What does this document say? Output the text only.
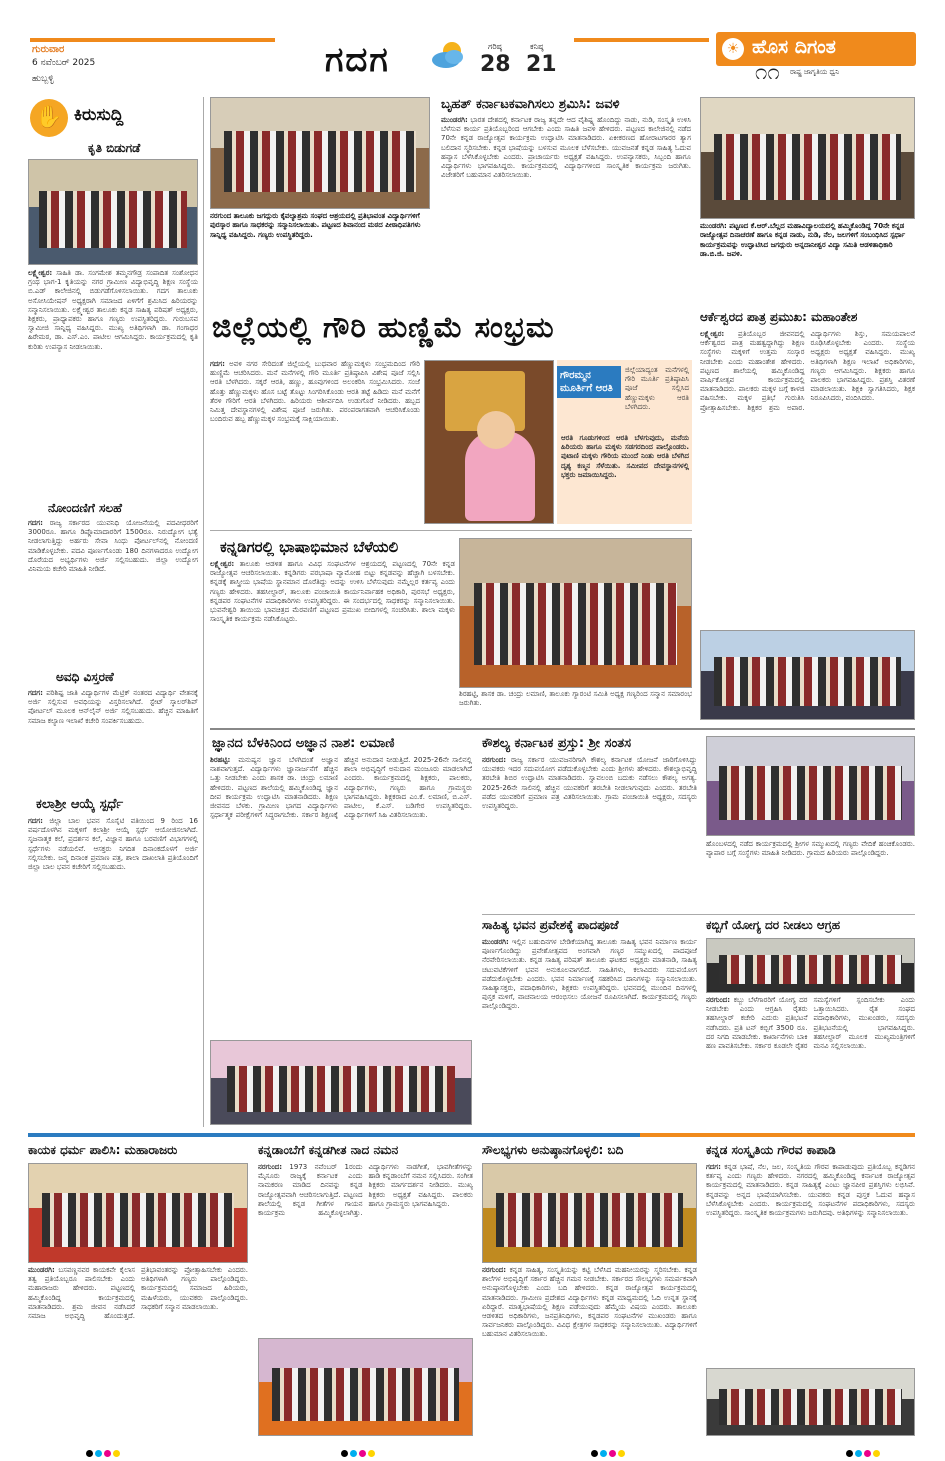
ಗುರುವಾರ
6 ನವೆಂಬರ್ 2025
ಹುಬ್ಬಳ್ಳಿ	ಗದಗ	ಗರಿಷ್ಠ
28
ಕನಿಷ್ಠ
21
☀ ಹೊಸ ದಿಗಂತ
ರಾಷ್ಟ್ರ ಜಾಗೃತಿಯ ಧ್ವನಿ
೧೧
✋ ಕಿರುಸುದ್ದಿ
ಕೃತಿ ಬಿಡುಗಡೆ
ಲಕ್ಷ್ಮೇಶ್ವರ: ಸಾಹಿತಿ ಡಾ. ಸಂಗಮೇಶ ತಮ್ಮನಗೌಡ್ರ ಸಂಪಾದಿತ ಸಂಶೋಧನ ಗ್ರಂಥ ಭಾಗ-1 ಕೃತಿಯನ್ನು ನಗರ ಗ್ರಾಮೀಣ ವಿದ್ಯಾಭಿವೃದ್ಧಿ ಶಿಕ್ಷಣ ಸಂಸ್ಥೆಯ ಬಿ.ಎಡ್ ಕಾಲೇಜಿನಲ್ಲಿ ಬಿಡುಗಡೆಗೊಳಿಸಲಾಯಿತು. ಗದಗ ತಾಲೂಕು ಅಸೋಸಿಯೇಷನ್ ಅಧ್ಯಕ್ಷರಾಗಿ ಸಮಾಜದ ಏಳಿಗೆಗೆ ಶ್ರಮಿಸಿದ ಹಿರಿಯರನ್ನು ಸನ್ಮಾನಿಸಲಾಯಿತು. ಲಕ್ಷ್ಮೇಶ್ವರ ತಾಲೂಕು ಕನ್ನಡ ಸಾಹಿತ್ಯ ಪರಿಷತ್ ಅಧ್ಯಕ್ಷರು, ಶಿಕ್ಷಕರು, ಪ್ರಾಧ್ಯಾಪಕರು ಹಾಗೂ ಗಣ್ಯರು ಉಪಸ್ಥಿತರಿದ್ದರು. ಗುರುಬಸವ ಸ್ವಾಮೀಜಿ ಸಾನ್ನಿಧ್ಯ ವಹಿಸಿದ್ದರು. ಮುಖ್ಯ ಅತಿಥಿಗಳಾಗಿ ಡಾ. ಗಂಗಾಧರ ಹಿರೇಮಠ, ಡಾ. ಎಸ್.ಎಂ. ಪಾಟೀಲ ಆಗಮಿಸಿದ್ದರು. ಕಾರ್ಯಕ್ರಮದಲ್ಲಿ ಕೃತಿ ಕುರಿತು ಉಪನ್ಯಾಸ ನೀಡಲಾಯಿತು.
ನೋಂದಣಿಗೆ ಸಲಹೆ
ಗದಗ: ರಾಜ್ಯ ಸರ್ಕಾರದ ಯುವನಿಧಿ ಯೋಜನೆಯಲ್ಲಿ ಪದವೀಧರರಿಗೆ 3000ರೂ. ಹಾಗೂ ಡಿಪ್ಲೊಮಾದಾರರಿಗೆ 1500ರೂ. ನಿರುದ್ಯೋಗ ಭತ್ಯೆ ನೀಡಲಾಗುತ್ತಿದ್ದು ಅರ್ಹರು ಸೇವಾ ಸಿಂಧು ಪೋರ್ಟಲ್‌ನಲ್ಲಿ ನೋಂದಣಿ ಮಾಡಿಕೊಳ್ಳಬೇಕು. ಪದವಿ ಪೂರ್ಣಗೊಂಡು 180 ದಿನಗಳಾದರೂ ಉದ್ಯೋಗ ದೊರೆಯದ ಅಭ್ಯರ್ಥಿಗಳು ಅರ್ಜಿ ಸಲ್ಲಿಸಬಹುದು. ಜಿಲ್ಲಾ ಉದ್ಯೋಗ ವಿನಿಮಯ ಕಚೇರಿ ಮಾಹಿತಿ ನೀಡಿದೆ.
ಅವಧಿ ವಿಸ್ತರಣೆ
ಗದಗ: ಪರಿಶಿಷ್ಟ ಜಾತಿ ವಿದ್ಯಾರ್ಥಿಗಳ ಮೆಟ್ರಿಕ್ ನಂತರದ ವಿದ್ಯಾರ್ಥಿ ವೇತನಕ್ಕೆ ಅರ್ಜಿ ಸಲ್ಲಿಸುವ ಅವಧಿಯನ್ನು ವಿಸ್ತರಿಸಲಾಗಿದೆ. ಸ್ಟೇಟ್ ಸ್ಕಾಲರ್‌ಶಿಪ್ ಪೋರ್ಟಲ್ ಮೂಲಕ ಆನ್‌ಲೈನ್ ಅರ್ಜಿ ಸಲ್ಲಿಸಬಹುದು. ಹೆಚ್ಚಿನ ಮಾಹಿತಿಗೆ ಸಮಾಜ ಕಲ್ಯಾಣ ಇಲಾಖೆ ಕಚೇರಿ ಸಂಪರ್ಕಿಸಬಹುದು.
ಕಲಾಶ್ರೀ ಆಯ್ಕೆ ಸ್ಪರ್ಧೆ
ಗದಗ: ಜಿಲ್ಲಾ ಬಾಲ ಭವನ ಸೊಸೈಟಿ ವತಿಯಿಂದ 9 ರಿಂದ 16 ವರ್ಷದೊಳಗಿನ ಮಕ್ಕಳಿಗೆ ಕಲಾಶ್ರೀ ಆಯ್ಕೆ ಸ್ಪರ್ಧೆ ಆಯೋಜಿಸಲಾಗಿದೆ. ಸೃಜನಾತ್ಮಕ ಕಲೆ, ಪ್ರದರ್ಶನ ಕಲೆ, ವಿಜ್ಞಾನ ಹಾಗೂ ಬರವಣಿಗೆ ವಿಭಾಗಗಳಲ್ಲಿ ಸ್ಪರ್ಧೆಗಳು ನಡೆಯಲಿವೆ. ಆಸಕ್ತರು ನಿಗದಿತ ದಿನಾಂಕದೊಳಗೆ ಅರ್ಜಿ ಸಲ್ಲಿಸಬೇಕು. ಜನ್ಮ ದಿನಾಂಕ ಪ್ರಮಾಣ ಪತ್ರ, ಶಾಲಾ ದಾಖಲಾತಿ ಪ್ರತಿಯೊಂದಿಗೆ ಜಿಲ್ಲಾ ಬಾಲ ಭವನ ಕಚೇರಿಗೆ ಸಲ್ಲಿಸಬಹುದು.
ನರಗುಂದ ತಾಲೂಕು ಜಗದ್ಗುರು ಕೈವಲ್ಯಾಶ್ರಮ ಸಂಘದ ಆಶ್ರಯದಲ್ಲಿ ಪ್ರತಿಭಾವಂತ ವಿದ್ಯಾರ್ಥಿಗಳಿಗೆ ಪುರಸ್ಕಾರ ಹಾಗೂ ಸಾಧಕರನ್ನು ಸನ್ಮಾನಿಸಲಾಯಿತು. ಪಟ್ಟಣದ ಶಿವಾನಂದ ಮಠದ ಪೀಠಾಧಿಪತಿಗಳು ಸಾನ್ನಿಧ್ಯ ವಹಿಸಿದ್ದರು. ಗಣ್ಯರು ಉಪಸ್ಥಿತರಿದ್ದರು.
ಬೃಹತ್ ಕರ್ನಾಟಕವಾಗಿಸಲು ಶ್ರಮಿಸಿ: ಜವಳಿ
ಮುಂಡರಗಿ: ಭಾರತ ದೇಶದಲ್ಲಿ ಕರ್ನಾಟಕ ರಾಜ್ಯ ತನ್ನದೇ ಆದ ವೈಶಿಷ್ಟ್ಯ ಹೊಂದಿದ್ದು ನಾಡು, ನುಡಿ, ಸಂಸ್ಕೃತಿ ಉಳಿಸಿ ಬೆಳೆಸುವ ಕಾರ್ಯ ಪ್ರತಿಯೊಬ್ಬರಿಂದ ಆಗಬೇಕು ಎಂದು ಸಾಹಿತಿ ಜವಳಿ ಹೇಳಿದರು. ಪಟ್ಟಣದ ಕಾಲೇಜಿನಲ್ಲಿ ನಡೆದ 70ನೇ ಕನ್ನಡ ರಾಜ್ಯೋತ್ಸವ ಕಾರ್ಯಕ್ರಮ ಉದ್ಘಾಟಿಸಿ ಮಾತನಾಡಿದರು. ಏಕೀಕರಣದ ಹೋರಾಟಗಾರರ ತ್ಯಾಗ ಬಲಿದಾನ ಸ್ಮರಿಸಬೇಕು. ಕನ್ನಡ ಭಾಷೆಯನ್ನು ಬಳಸುವ ಮೂಲಕ ಬೆಳೆಸಬೇಕು. ಯುವಜನತೆ ಕನ್ನಡ ಸಾಹಿತ್ಯ ಓದುವ ಹವ್ಯಾಸ ಬೆಳೆಸಿಕೊಳ್ಳಬೇಕು ಎಂದರು. ಪ್ರಾಚಾರ್ಯರು ಅಧ್ಯಕ್ಷತೆ ವಹಿಸಿದ್ದರು. ಉಪನ್ಯಾಸಕರು, ಸಿಬ್ಬಂದಿ ಹಾಗೂ ವಿದ್ಯಾರ್ಥಿಗಳು ಭಾಗವಹಿಸಿದ್ದರು. ಕಾರ್ಯಕ್ರಮದಲ್ಲಿ ವಿದ್ಯಾರ್ಥಿಗಳಿಂದ ಸಾಂಸ್ಕೃತಿಕ ಕಾರ್ಯಕ್ರಮ ಜರುಗಿತು. ವಿಜೇತರಿಗೆ ಬಹುಮಾನ ವಿತರಿಸಲಾಯಿತು.
ಮುಂಡರಗಿ: ಪಟ್ಟಣದ ಕೆ.ಆರ್.ಬೆಲ್ಲದ ಮಹಾವಿದ್ಯಾಲಯದಲ್ಲಿ ಹಮ್ಮಿಕೊಂಡಿದ್ದ 70ನೇ ಕನ್ನಡ ರಾಜ್ಯೋತ್ಸವ ದಿನಾಚರಣೆ ಹಾಗೂ ಕನ್ನಡ ನಾಡು, ನುಡಿ, ನೆಲ, ಜಲಗಳಿಗೆ ಸಂಬಂಧಿಸಿದ ಸ್ಪರ್ಧಾ ಕಾರ್ಯಕ್ರಮವನ್ನು ಉದ್ಘಾಟಿಸಿದ ಜಗದ್ಗುರು ಅನ್ನದಾನೀಶ್ವರ ವಿದ್ಯಾ ಸಮಿತಿ ಆಡಳಿತಾಧಿಕಾರಿ ಡಾ.ಬಿ.ಜಿ. ಜವಳಿ.
ಜಿಲ್ಲೆಯಲ್ಲಿ ಗೌರಿ ಹುಣ್ಣಿಮೆ ಸಂಭ್ರಮ
ಗದಗ: ಅವಳಿ ನಗರ ಸೇರಿದಂತೆ ಜಿಲ್ಲೆಯಲ್ಲಿ ಬುಧವಾರ ಹೆಣ್ಣುಮಕ್ಕಳು ಸಂಭ್ರಮದಿಂದ ಗೌರಿ ಹುಣ್ಣಿಮೆ ಆಚರಿಸಿದರು. ಮನೆ ಮನೆಗಳಲ್ಲಿ ಗೌರಿ ಮೂರ್ತಿ ಪ್ರತಿಷ್ಠಾಪಿಸಿ ವಿಶೇಷ ಪೂಜೆ ಸಲ್ಲಿಸಿ ಆರತಿ ಬೆಳಗಿದರು. ಸಕ್ಕರೆ ಆರತಿ, ಹಣ್ಣು, ಹೂವುಗಳಿಂದ ಅಲಂಕರಿಸಿ ಸಂಭ್ರಮಿಸಿದರು. ಸಂಜೆ ಹೊತ್ತು ಹೆಣ್ಣುಮಕ್ಕಳು ಹೊಸ ಬಟ್ಟೆ ತೊಟ್ಟು ಸಿಂಗರಿಸಿಕೊಂಡು ಆರತಿ ತಟ್ಟೆ ಹಿಡಿದು ಮನೆ ಮನೆಗೆ ತೆರಳಿ ಗೌರಿಗೆ ಆರತಿ ಬೆಳಗಿದರು. ಹಿರಿಯರು ಆಶೀರ್ವದಿಸಿ ಉಡುಗೊರೆ ನೀಡಿದರು. ಹಬ್ಬದ ನಿಮಿತ್ತ ದೇವಸ್ಥಾನಗಳಲ್ಲಿ ವಿಶೇಷ ಪೂಜೆ ಜರುಗಿತು. ಪರಂಪರಾಗತವಾಗಿ ಆಚರಿಸಿಕೊಂಡು ಬಂದಿರುವ ಹಬ್ಬ ಹೆಣ್ಣುಮಕ್ಕಳ ಸಂಭ್ರಮಕ್ಕೆ ಸಾಕ್ಷಿಯಾಯಿತು.
ಗೌರಮ್ಮನ ಮೂರ್ತಿಗೆ ಆರತಿ
ಜಿಲ್ಲೆಯಾದ್ಯಂತ ಮನೆಗಳಲ್ಲಿ ಗೌರಿ ಮೂರ್ತಿ ಪ್ರತಿಷ್ಠಾಪಿಸಿ ಪೂಜೆ ಸಲ್ಲಿಸಿದ ಹೆಣ್ಣುಮಕ್ಕಳು ಆರತಿ ಬೆಳಗಿದರು.
ಆರತಿ ಗೂಡುಗಳಿಂದ ಆರತಿ ಬೆಳಗುವುದು, ಮನೆಯ ಹಿರಿಯರು ಹಾಗೂ ಮಕ್ಕಳು ಸಡಗರದಿಂದ ಪಾಲ್ಗೊಂಡರು. ಪುಟಾಣಿ ಮಕ್ಕಳು ಗೌರಿಯ ಮುಂದೆ ನಿಂತು ಆರತಿ ಬೆಳಗಿದ ದೃಶ್ಯ ಕಣ್ಮನ ಸೆಳೆಯಿತು. ಸಮೀಪದ ದೇವಸ್ಥಾನಗಳಲ್ಲಿ ಭಕ್ತರು ಜಮಾಯಿಸಿದ್ದರು.
ಕನ್ನಡಿಗರಲ್ಲಿ ಭಾಷಾಭಿಮಾನ ಬೆಳೆಯಲಿ
ಲಕ್ಷ್ಮೇಶ್ವರ: ತಾಲೂಕು ಆಡಳಿತ ಹಾಗೂ ವಿವಿಧ ಸಂಘಟನೆಗಳ ಆಶ್ರಯದಲ್ಲಿ ಪಟ್ಟಣದಲ್ಲಿ 70ನೇ ಕನ್ನಡ ರಾಜ್ಯೋತ್ಸವ ಆಚರಿಸಲಾಯಿತು. ಕನ್ನಡಿಗರು ಪರಭಾಷಾ ವ್ಯಾಮೋಹ ಬಿಟ್ಟು ಕನ್ನಡವನ್ನು ಹೆಚ್ಚಾಗಿ ಬಳಸಬೇಕು. ಕನ್ನಡಕ್ಕೆ ಶಾಸ್ತ್ರೀಯ ಭಾಷೆಯ ಸ್ಥಾನಮಾನ ದೊರೆತಿದ್ದು ಅದನ್ನು ಉಳಿಸಿ ಬೆಳೆಸುವುದು ನಮ್ಮೆಲ್ಲರ ಕರ್ತವ್ಯ ಎಂದು ಗಣ್ಯರು ಹೇಳಿದರು. ತಹಸೀಲ್ದಾರ್, ತಾಲೂಕು ಪಂಚಾಯಿತಿ ಕಾರ್ಯನಿರ್ವಾಹಕ ಅಧಿಕಾರಿ, ಪುರಸಭೆ ಅಧ್ಯಕ್ಷರು, ಕನ್ನಡಪರ ಸಂಘಟನೆಗಳ ಪದಾಧಿಕಾರಿಗಳು ಉಪಸ್ಥಿತರಿದ್ದರು. ಈ ಸಂದರ್ಭದಲ್ಲಿ ಸಾಧಕರನ್ನು ಸನ್ಮಾನಿಸಲಾಯಿತು. ಭುವನೇಶ್ವರಿ ತಾಯಿಯ ಭಾವಚಿತ್ರದ ಮೆರವಣಿಗೆ ಪಟ್ಟಣದ ಪ್ರಮುಖ ಬೀದಿಗಳಲ್ಲಿ ಸಂಚರಿಸಿತು. ಶಾಲಾ ಮಕ್ಕಳು ಸಾಂಸ್ಕೃತಿಕ ಕಾರ್ಯಕ್ರಮ ನಡೆಸಿಕೊಟ್ಟರು.
ಶಿರಹಟ್ಟಿ, ಶಾಸಕ ಡಾ. ಚಂದ್ರು ಲಮಾಣಿ, ತಾಲೂಕು ಗ್ಯಾರಂಟಿ ಸಮಿತಿ ಅಧ್ಯಕ್ಷ ಗಣ್ಯರಿಂದ ಸನ್ಮಾನ ಸಮಾರಂಭ ಜರುಗಿತು.
ಆರ್ಕೆಶ್ವರದ ಪಾತ್ರ ಪ್ರಮುಖ: ಮಹಾಂತೇಶ
ಲಕ್ಷ್ಮೇಶ್ವರ: ಪ್ರತಿಯೊಬ್ಬರ ಜೀವನದಲ್ಲಿ ಆರ್ಕೆಶ್ವರದ ಪಾತ್ರ ಮಹತ್ವದ್ದಾಗಿದ್ದು ಶಿಕ್ಷಣ ಸಂಸ್ಥೆಗಳು ಮಕ್ಕಳಿಗೆ ಉತ್ತಮ ಸಂಸ್ಕಾರ ನೀಡಬೇಕು ಎಂದು ಮಹಾಂತೇಶ ಹೇಳಿದರು. ಪಟ್ಟಣದ ಶಾಲೆಯಲ್ಲಿ ಹಮ್ಮಿಕೊಂಡಿದ್ದ ವಾರ್ಷಿಕೋತ್ಸವ ಕಾರ್ಯಕ್ರಮದಲ್ಲಿ ಮಾತನಾಡಿದರು. ಪಾಲಕರು ಮಕ್ಕಳ ಬಗ್ಗೆ ಕಾಳಜಿ ವಹಿಸಬೇಕು. ಮಕ್ಕಳ ಪ್ರತಿಭೆ ಗುರುತಿಸಿ ಪ್ರೋತ್ಸಾಹಿಸಬೇಕು. ಶಿಕ್ಷಕರ ಶ್ರಮ ಅಪಾರ. ವಿದ್ಯಾರ್ಥಿಗಳು ಶಿಸ್ತು, ಸಮಯಪಾಲನೆ ರೂಢಿಸಿಕೊಳ್ಳಬೇಕು ಎಂದರು. ಸಂಸ್ಥೆಯ ಅಧ್ಯಕ್ಷರು ಅಧ್ಯಕ್ಷತೆ ವಹಿಸಿದ್ದರು. ಮುಖ್ಯ ಅತಿಥಿಗಳಾಗಿ ಶಿಕ್ಷಣ ಇಲಾಖೆ ಅಧಿಕಾರಿಗಳು, ಗಣ್ಯರು ಆಗಮಿಸಿದ್ದರು. ಶಿಕ್ಷಕರು ಹಾಗೂ ಪಾಲಕರು ಭಾಗವಹಿಸಿದ್ದರು. ಪ್ರಶಸ್ತಿ ವಿತರಣೆ ಮಾಡಲಾಯಿತು. ಶಿಕ್ಷಕಿ ಸ್ವಾಗತಿಸಿದರು, ಶಿಕ್ಷಕ ನಿರೂಪಿಸಿದರು, ವಂದಿಸಿದರು.
ಜ್ಞಾನದ ಬೆಳಕಿನಿಂದ ಅಜ್ಞಾನ ನಾಶ: ಲಮಾಣಿ
ಶಿರಹಟ್ಟಿ: ಮನುಷ್ಯನ ಜ್ಞಾನ ಬೆಳಗಿದಂತೆ ಅಜ್ಞಾನ ನಾಶವಾಗುತ್ತದೆ. ವಿದ್ಯಾರ್ಥಿಗಳು ಜ್ಞಾನಾರ್ಜನೆಗೆ ಹೆಚ್ಚಿನ ಒತ್ತು ನೀಡಬೇಕು ಎಂದು ಶಾಸಕ ಡಾ. ಚಂದ್ರು ಲಮಾಣಿ ಹೇಳಿದರು. ಪಟ್ಟಣದ ಶಾಲೆಯಲ್ಲಿ ಹಮ್ಮಿಕೊಂಡಿದ್ದ ಜ್ಞಾನ ದೀಪ ಕಾರ್ಯಕ್ರಮ ಉದ್ಘಾಟಿಸಿ ಮಾತನಾಡಿದರು. ಶಿಕ್ಷಣ ಜೀವನದ ಬೆಳಕು. ಗ್ರಾಮೀಣ ಭಾಗದ ವಿದ್ಯಾರ್ಥಿಗಳು ಸ್ಪರ್ಧಾತ್ಮಕ ಪರೀಕ್ಷೆಗಳಿಗೆ ಸಿದ್ಧರಾಗಬೇಕು. ಸರ್ಕಾರ ಶಿಕ್ಷಣಕ್ಕೆ ಹೆಚ್ಚಿನ ಅನುದಾನ ನೀಡುತ್ತಿದೆ. 2025-26ನೇ ಸಾಲಿನಲ್ಲಿ ಶಾಲಾ ಅಭಿವೃದ್ಧಿಗೆ ಅನುದಾನ ಮಂಜೂರು ಮಾಡಲಾಗಿದೆ ಎಂದರು. ಕಾರ್ಯಕ್ರಮದಲ್ಲಿ ಶಿಕ್ಷಕರು, ಪಾಲಕರು, ವಿದ್ಯಾರ್ಥಿಗಳು, ಗಣ್ಯರು ಹಾಗೂ ಗ್ರಾಮಸ್ಥರು ಭಾಗವಹಿಸಿದ್ದರು. ಶಿಕ್ಷಕರಾದ ಎಂ.ಕೆ. ಲಮಾಣಿ, ಬಿ.ಎಸ್. ಪಾಟೀಲ, ಕೆ.ಎಸ್. ಬಡಿಗೇರ ಉಪಸ್ಥಿತರಿದ್ದರು. ವಿದ್ಯಾರ್ಥಿಗಳಿಗೆ ಸಿಹಿ ವಿತರಿಸಲಾಯಿತು.
ಕೌಶಲ್ಯ ಕರ್ನಾಟಕ ಪ್ರಸ್ತು: ಶ್ರೀ ಸಂತಸ
ನರಗುಂದ: ರಾಜ್ಯ ಸರ್ಕಾರ ಯುವಜನರಿಗಾಗಿ ಕೌಶಲ್ಯ ಕರ್ನಾಟಕ ಯೋಜನೆ ಜಾರಿಗೊಳಿಸಿದ್ದು ಯುವಕರು ಇದರ ಸದುಪಯೋಗ ಪಡೆದುಕೊಳ್ಳಬೇಕು ಎಂದು ಶ್ರೀಗಳು ಹೇಳಿದರು. ಕೌಶಲ್ಯಾಭಿವೃದ್ಧಿ ತರಬೇತಿ ಶಿಬಿರ ಉದ್ಘಾಟಿಸಿ ಮಾತನಾಡಿದರು. ಸ್ವಾವಲಂಬಿ ಬದುಕು ನಡೆಸಲು ಕೌಶಲ್ಯ ಅಗತ್ಯ. 2025-26ನೇ ಸಾಲಿನಲ್ಲಿ ಹೆಚ್ಚಿನ ಯುವಕರಿಗೆ ತರಬೇತಿ ನೀಡಲಾಗುವುದು ಎಂದರು. ತರಬೇತಿ ಪಡೆದ ಯುವಕರಿಗೆ ಪ್ರಮಾಣ ಪತ್ರ ವಿತರಿಸಲಾಯಿತು. ಗ್ರಾಮ ಪಂಚಾಯಿತಿ ಅಧ್ಯಕ್ಷರು, ಸದಸ್ಯರು ಉಪಸ್ಥಿತರಿದ್ದರು.
ಹೊಂಬಳದಲ್ಲಿ ನಡೆದ ಕಾರ್ಯಕ್ರಮದಲ್ಲಿ ಶ್ರೀಗಳ ಸಮ್ಮುಖದಲ್ಲಿ ಗಣ್ಯರು ವೇದಿಕೆ ಹಂಚಿಕೊಂಡರು. ವ್ಯಾಪಾರ ಬಗ್ಗೆ ಸಂಸ್ಥೆಗಳು ಮಾಹಿತಿ ನೀಡಿದರು. ಗ್ರಾಮದ ಹಿರಿಯರು ಪಾಲ್ಗೊಂಡಿದ್ದರು.
ಸಾಹಿತ್ಯ ಭವನ ಪ್ರವೇಶಕ್ಕೆ ಪಾದಪೂಜೆ
ಮುಂಡರಗಿ: ಇಲ್ಲಿನ ಬಹುದಿನಗಳ ಬೇಡಿಕೆಯಾಗಿದ್ದ ತಾಲೂಕು ಸಾಹಿತ್ಯ ಭವನ ನಿರ್ಮಾಣ ಕಾರ್ಯ ಪೂರ್ಣಗೊಂಡಿದ್ದು ಪ್ರವೇಶೋತ್ಸವದ ಅಂಗವಾಗಿ ಗಣ್ಯರ ಸಮ್ಮುಖದಲ್ಲಿ ಪಾದಪೂಜೆ ನೆರವೇರಿಸಲಾಯಿತು. ಕನ್ನಡ ಸಾಹಿತ್ಯ ಪರಿಷತ್ ತಾಲೂಕು ಘಟಕದ ಅಧ್ಯಕ್ಷರು ಮಾತನಾಡಿ, ಸಾಹಿತ್ಯ ಚಟುವಟಿಕೆಗಳಿಗೆ ಭವನ ಅನುಕೂಲವಾಗಲಿದೆ. ಸಾಹಿತಿಗಳು, ಕಲಾವಿದರು ಸದುಪಯೋಗ ಪಡೆದುಕೊಳ್ಳಬೇಕು ಎಂದರು. ಭವನ ನಿರ್ಮಾಣಕ್ಕೆ ಸಹಕರಿಸಿದ ದಾನಿಗಳನ್ನು ಸನ್ಮಾನಿಸಲಾಯಿತು. ಸಾಹಿತ್ಯಾಸಕ್ತರು, ಪದಾಧಿಕಾರಿಗಳು, ಶಿಕ್ಷಕರು ಉಪಸ್ಥಿತರಿದ್ದರು. ಭವನದಲ್ಲಿ ಮುಂದಿನ ದಿನಗಳಲ್ಲಿ ಪುಸ್ತಕ ಮಳಿಗೆ, ವಾಚನಾಲಯ ಆರಂಭಿಸಲು ಯೋಜನೆ ರೂಪಿಸಲಾಗಿದೆ. ಕಾರ್ಯಕ್ರಮದಲ್ಲಿ ಗಣ್ಯರು ಪಾಲ್ಗೊಂಡಿದ್ದರು.
ಕಬ್ಬಿಗೆ ಯೋಗ್ಯ ದರ ನೀಡಲು ಆಗ್ರಹ
ನರಗುಂದ: ಕಬ್ಬು ಬೆಳೆಗಾರರಿಗೆ ಯೋಗ್ಯ ದರ ನೀಡಬೇಕು ಎಂದು ಆಗ್ರಹಿಸಿ ರೈತರು ತಹಸೀಲ್ದಾರ್ ಕಚೇರಿ ಎದುರು ಪ್ರತಿಭಟನೆ ನಡೆಸಿದರು. ಪ್ರತಿ ಟನ್ ಕಬ್ಬಿಗೆ 3500 ರೂ. ದರ ನಿಗದಿ ಮಾಡಬೇಕು. ಕಾರ್ಖಾನೆಗಳು ಬಾಕಿ ಹಣ ಪಾವತಿಸಬೇಕು. ಸರ್ಕಾರ ಕೂಡಲೇ ರೈತರ ಸಮಸ್ಯೆಗಳಿಗೆ ಸ್ಪಂದಿಸಬೇಕು ಎಂದು ಒತ್ತಾಯಿಸಿದರು. ರೈತ ಸಂಘದ ಪದಾಧಿಕಾರಿಗಳು, ಮುಖಂಡರು, ಸದಸ್ಯರು ಪ್ರತಿಭಟನೆಯಲ್ಲಿ ಭಾಗವಹಿಸಿದ್ದರು. ತಹಸೀಲ್ದಾರ್ ಮೂಲಕ ಮುಖ್ಯಮಂತ್ರಿಗಳಿಗೆ ಮನವಿ ಸಲ್ಲಿಸಲಾಯಿತು.
ಕಾಯಕ ಧರ್ಮ ಪಾಲಿಸಿ: ಮಹಾರಾಜರು
ಮುಂಡರಗಿ: ಬಸವಣ್ಣನವರ ಕಾಯಕವೇ ಕೈಲಾಸ ತತ್ವ ಪ್ರತಿಯೊಬ್ಬರೂ ಪಾಲಿಸಬೇಕು ಎಂದು ಮಹಾರಾಜರು ಹೇಳಿದರು. ಪಟ್ಟಣದಲ್ಲಿ ಹಮ್ಮಿಕೊಂಡಿದ್ದ ಕಾರ್ಯಕ್ರಮದಲ್ಲಿ ಮಾತನಾಡಿದರು. ಶ್ರಮ ಜೀವನ ನಡೆಸಿದರೆ ಸಮಾಜ ಅಭಿವೃದ್ಧಿ ಹೊಂದುತ್ತದೆ. ಪ್ರತಿಭಾವಂತರನ್ನು ಪ್ರೋತ್ಸಾಹಿಸಬೇಕು ಎಂದರು. ಅತಿಥಿಗಳಾಗಿ ಗಣ್ಯರು ಪಾಲ್ಗೊಂಡಿದ್ದರು. ಕಾರ್ಯಕ್ರಮದಲ್ಲಿ ಸಮಾಜದ ಹಿರಿಯರು, ಮಹಿಳೆಯರು, ಯುವಕರು ಪಾಲ್ಗೊಂಡಿದ್ದರು. ಸಾಧಕರಿಗೆ ಸನ್ಮಾನ ಮಾಡಲಾಯಿತು.
ಕನ್ನಡಾಂಬೆಗೆ ಕನ್ನಡಗೀತ ನಾದ ನಮನ
ನರಗುಂದ: 1973 ನವೆಂಬರ್ 1ರಂದು ಮೈಸೂರು ರಾಜ್ಯಕ್ಕೆ ಕರ್ನಾಟಕ ಎಂದು ನಾಮಕರಣ ಮಾಡಿದ ದಿನವನ್ನು ಕನ್ನಡ ರಾಜ್ಯೋತ್ಸವವಾಗಿ ಆಚರಿಸಲಾಗುತ್ತಿದೆ. ಪಟ್ಟಣದ ಶಾಲೆಯಲ್ಲಿ ಕನ್ನಡ ಗೀತೆಗಳ ಗಾಯನ ಕಾರ್ಯಕ್ರಮ ಹಮ್ಮಿಕೊಳ್ಳಲಾಗಿತ್ತು. ವಿದ್ಯಾರ್ಥಿಗಳು ನಾಡಗೀತೆ, ಭಾವಗೀತೆಗಳನ್ನು ಹಾಡಿ ಕನ್ನಡಾಂಬೆಗೆ ನಮನ ಸಲ್ಲಿಸಿದರು. ಸಂಗೀತ ಶಿಕ್ಷಕರು ಮಾರ್ಗದರ್ಶನ ನೀಡಿದರು. ಮುಖ್ಯ ಶಿಕ್ಷಕರು ಅಧ್ಯಕ್ಷತೆ ವಹಿಸಿದ್ದರು. ಪಾಲಕರು ಹಾಗೂ ಗ್ರಾಮಸ್ಥರು ಭಾಗವಹಿಸಿದ್ದರು.
ಸೌಲಭ್ಯಗಳು ಅನುಷ್ಠಾನಗೊಳ್ಳಲಿ: ಬದಿ
ನರಗುಂದ: ಕನ್ನಡ ಸಾಹಿತ್ಯ, ಸಂಸ್ಕೃತಿಯನ್ನು ಕಟ್ಟಿ ಬೆಳೆಸಿದ ಮಹನೀಯರನ್ನು ಸ್ಮರಿಸಬೇಕು. ಕನ್ನಡ ಶಾಲೆಗಳ ಅಭಿವೃದ್ಧಿಗೆ ಸರ್ಕಾರ ಹೆಚ್ಚಿನ ಗಮನ ನೀಡಬೇಕು. ಸರ್ಕಾರದ ಸೌಲಭ್ಯಗಳು ಸಮರ್ಪಕವಾಗಿ ಅನುಷ್ಠಾನಗೊಳ್ಳಬೇಕು ಎಂದು ಬದಿ ಹೇಳಿದರು. ಕನ್ನಡ ರಾಜ್ಯೋತ್ಸವ ಕಾರ್ಯಕ್ರಮದಲ್ಲಿ ಮಾತನಾಡಿದರು. ಗ್ರಾಮೀಣ ಪ್ರದೇಶದ ವಿದ್ಯಾರ್ಥಿಗಳು ಕನ್ನಡ ಮಾಧ್ಯಮದಲ್ಲಿ ಓದಿ ಉನ್ನತ ಸ್ಥಾನಕ್ಕೆ ಏರಿದ್ದಾರೆ. ಮಾತೃಭಾಷೆಯಲ್ಲಿ ಶಿಕ್ಷಣ ಪಡೆಯುವುದು ಹೆಮ್ಮೆಯ ವಿಷಯ ಎಂದರು. ತಾಲೂಕು ಆಡಳಿತದ ಅಧಿಕಾರಿಗಳು, ಜನಪ್ರತಿನಿಧಿಗಳು, ಕನ್ನಡಪರ ಸಂಘಟನೆಗಳ ಮುಖಂಡರು ಹಾಗೂ ಸಾರ್ವಜನಿಕರು ಪಾಲ್ಗೊಂಡಿದ್ದರು. ವಿವಿಧ ಕ್ಷೇತ್ರಗಳ ಸಾಧಕರನ್ನು ಸನ್ಮಾನಿಸಲಾಯಿತು. ವಿದ್ಯಾರ್ಥಿಗಳಿಗೆ ಬಹುಮಾನ ವಿತರಿಸಲಾಯಿತು.
ಕನ್ನಡ ಸಂಸ್ಕೃತಿಯ ಗೌರವ ಕಾಪಾಡಿ
ಗದಗ: ಕನ್ನಡ ಭಾಷೆ, ನೆಲ, ಜಲ, ಸಂಸ್ಕೃತಿಯ ಗೌರವ ಕಾಪಾಡುವುದು ಪ್ರತಿಯೊಬ್ಬ ಕನ್ನಡಿಗನ ಕರ್ತವ್ಯ ಎಂದು ಗಣ್ಯರು ಹೇಳಿದರು. ನಗರದಲ್ಲಿ ಹಮ್ಮಿಕೊಂಡಿದ್ದ ಕರ್ನಾಟಕ ರಾಜ್ಯೋತ್ಸವ ಕಾರ್ಯಕ್ರಮದಲ್ಲಿ ಮಾತನಾಡಿದರು. ಕನ್ನಡ ಸಾಹಿತ್ಯಕ್ಕೆ ಎಂಟು ಜ್ಞಾನಪೀಠ ಪ್ರಶಸ್ತಿಗಳು ಲಭಿಸಿವೆ. ಕನ್ನಡವನ್ನು ಅನ್ನದ ಭಾಷೆಯಾಗಿಸಬೇಕು. ಯುವಕರು ಕನ್ನಡ ಪುಸ್ತಕ ಓದುವ ಹವ್ಯಾಸ ಬೆಳೆಸಿಕೊಳ್ಳಬೇಕು ಎಂದರು. ಕಾರ್ಯಕ್ರಮದಲ್ಲಿ ಸಂಘಟನೆಗಳ ಪದಾಧಿಕಾರಿಗಳು, ಸದಸ್ಯರು ಉಪಸ್ಥಿತರಿದ್ದರು. ಸಾಂಸ್ಕೃತಿಕ ಕಾರ್ಯಕ್ರಮಗಳು ಜರುಗಿದವು. ಅತಿಥಿಗಳನ್ನು ಸನ್ಮಾನಿಸಲಾಯಿತು.
